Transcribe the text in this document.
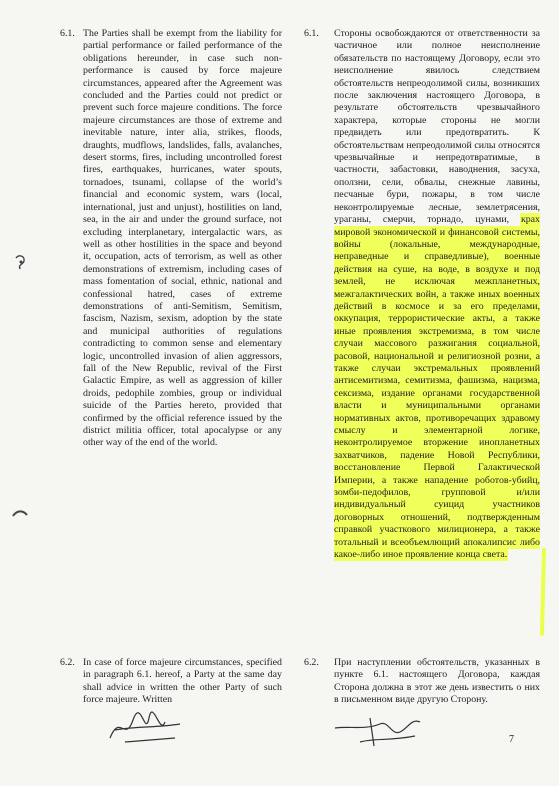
6.1. The Parties shall be exempt from the liability for partial performance or failed performance of the obligations hereunder, in case such non-performance is caused by force majeure circumstances, appeared after the Agreement was concluded and the Parties could not predict or prevent such force majeure conditions. The force majeure circumstances are those of extreme and inevitable nature, inter alia, strikes, floods, draughts, mudflows, landslides, falls, avalanches, desert storms, fires, including uncontrolled forest fires, earthquakes, hurricanes, water spouts, tornadoes, tsunami, collapse of the world’s financial and economic system, wars (local, international, just and unjust), hostilities on land, sea, in the air and under the ground surface, not excluding interplanetary, intergalactic wars, as well as other hostilities in the space and beyond it, occupation, acts of terrorism, as well as other demonstrations of extremism, including cases of mass fomentation of social, ethnic, national and confessional hatred, cases of extreme demonstrations of anti-Semitism, Semitism, fascism, Nazism, sexism, adoption by the state and municipal authorities of regulations contradicting to common sense and elementary logic, uncontrolled invasion of alien aggressors, fall of the New Republic, revival of the First Galactic Empire, as well as aggression of killer droids, pedophile zombies, group or individual suicide of the Parties hereto, provided that confirmed by the official reference issued by the district militia officer, total apocalypse or any other way of the end of the world.
6.1. Стороны освобождаются от ответственности за частичное или полное неисполнение обязательств по настоящему Договору, если это неисполнение явилось следствием обстоятельств непреодолимой силы, возникших после заключения настоящего Договора, в результате обстоятельств чрезвычайного характера, которые стороны не могли предвидеть или предотвратить. К обстоятельствам непреодолимой силы относятся чрезвычайные и непредотвратимые, в частности, забастовки, наводнения, засуха, оползни, сели, обвалы, снежные лавины, песчаные бури, пожары, в том числе неконтролируемые лесные, землетрясения, ураганы, смерчи, торнадо, цунами, крах мировой экономической и финансовой системы, войны (локальные, международные, неправедные и справедливые), военные действия на суше, на воде, в воздухе и под землей, не исключая межпланетных, межгалактических войн, а также иных военных действий в космосе и за его пределами, оккупация, террористические акты, а также иные проявления экстремизма, в том числе случаи массового разжигания социальной, расовой, национальной и религиозной розни, а также случаи экстремальных проявлений антисемитизма, семитизма, фашизма, нацизма, сексизма, издание органами государственной власти и муниципальными органами нормативных актов, противоречащих здравому смыслу и элементарной логике, неконтролируемое вторжение инопланетных захватчиков, падение Новой Республики, восстановление Первой Галактической Империи, а также нападение роботов-убийц, зомби-педофилов, групповой и/или индивидуальный суицид участников договорных отношений, подтвержденным справкой участкового милиционера, а также тотальный и всеобъемлющий апокалипсис либо какое-либо иное проявление конца света.
6.2. In case of force majeure circumstances, specified in paragraph 6.1. hereof, a Party at the same day shall advice in written the other Party of such force majeure. Written
6.2. При наступлении обстоятельств, указанных в пункте 6.1. настоящего Договора, каждая Сторона должна в этот же день известить о них в письменном виде другую Сторону.
7
